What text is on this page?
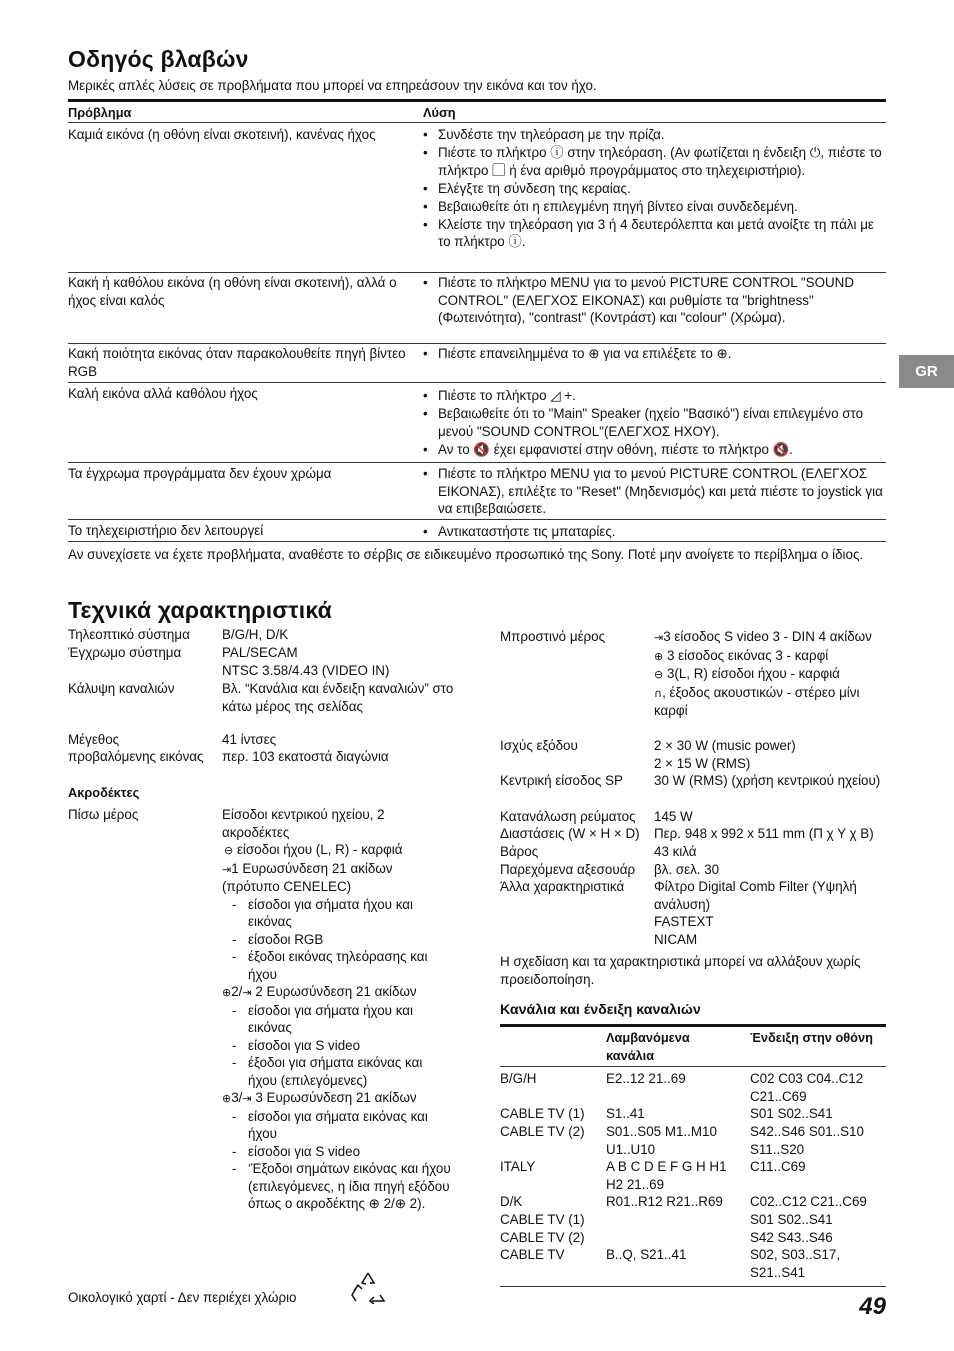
Οδηγός βλαβών
Μερικές απλές λύσεις σε προβλήματα που μπορεί να επηρεάσουν την εικόνα και τον ήχο.
Πρόβλημα	Λύση
Καμιά εικόνα (η οθόνη είναι σκοτεινή), κανένας ήχος	• Συνδέστε την τηλεόραση με την πρίζα.
• Πιέστε το πλήκτρο ⓘ στην τηλεόραση. (Αν φωτίζεται η ένδειξη ⏻, πιέστε το πλήκτρο ▢ ή ένα αριθμό προγράμματος στο τηλεχειριστήριο).
• Ελέγξτε τη σύνδεση της κεραίας.
• Βεβαιωθείτε ότι η επιλεγμένη πηγή βίντεο είναι συνδεδεμένη.
• Κλείστε την τηλεόραση για 3 ή 4 δευτερόλεπτα και μετά ανοίξτε τη πάλι με το πλήκτρο ⓘ.
Κακή ή καθόλου εικόνα (η οθόνη είναι σκοτεινή), αλλά ο ήχος είναι καλός
• Πιέστε το πλήκτρο MENU για το μενού PICTURE CONTROL "SOUND CONTROL" (ΕΛΕΓΧΟΣ ΕΙΚΟΝΑΣ) και ρυθμίστε τα "brightness" (Φωτεινότητα), "contrast" (Κοντράστ) και "colour" (Χρώμα).
Κακή ποιότητα εικόνας όταν παρακολουθείτε πηγή βίντεο RGB
• Πιέστε επανειλημμένα το ⊕ για να επιλέξετε το ⊕.
Καλή εικόνα αλλά καθόλου ήχος	• Πιέστε το πλήκτρο ◿ +.
• Βεβαιωθείτε ότι το "Main" Speaker (ηχείο "Βασικό") είναι επιλεγμένο στο μενού "SOUND CONTROL"(ΕΛΕΓΧΟΣ ΗΧΟΥ).
• Αν το 🔇 έχει εμφανιστεί στην οθόνη, πιέστε το πλήκτρο 🔇.
Τα έγχρωμα προγράμματα δεν έχουν χρώμα	• Πιέστε το πλήκτρο MENU για το μενού PICTURE CONTROL (ΕΛΕΓΧΟΣ ΕΙΚΟΝΑΣ), επιλέξτε το "Reset" (Μηδενισμός) και μετά πιέστε το joystick για να επιβεβαιώσετε.
Το τηλεχειριστήριο δεν λειτουργεί	• Αντικαταστήστε τις μπαταρίες.
Αν συνεχίσετε να έχετε προβλήματα, αναθέστε το σέρβις σε ειδικευμένο προσωπικό της Sony. Ποτέ μην ανοίγετε το περίβλημα ο ίδιος.
GR
Τεχνικά χαρακτηριστικά
Τηλεοπτικό σύστημα B/G/H, D/K
Έγχρωμο σύστημα	PAL/SECAM
NTSC 3.58/4.43 (VIDEO IN)
Κάλυψη καναλιών	Βλ. “Κανάλια και ένδειξη καναλιών” στο κάτω μέρος της σελίδας
Μέγεθος	41 ίντσες
προβαλόμενης εικόνας περ. 103 εκατοστά διαγώνια
Ακροδέκτες
Πίσω μέρος	Είσοδοι κεντρικού ηχείου, 2 ακροδέκτες
⊖ είσοδοι ήχου (L, R) - καρφιά
⇥1 Ευρωσύνδεση 21 ακίδων (πρότυπο CENELEC)
- είσοδοι για σήματα ήχου και εικόνας
- είσοδοι RGB
- έξοδοι εικόνας τηλεόρασης και ήχου
⊕2/⇥ 2 Ευρωσύνδεση 21 ακίδων
- είσοδοι για σήματα ήχου και εικόνας
- είσοδοι για S video
- έξοδοι για σήματα εικόνας και ήχου (επιλεγόμενες)
⊕3/⇥ 3 Ευρωσύνδεση 21 ακίδων
- είσοδοι για σήματα εικόνας και ήχου
- είσοδοι για S video
- ‘Έξοδοι σημάτων εικόνας και ήχου (επιλεγόμενες, η ίδια πηγή εξόδου όπως ο ακροδέκτης ⊕ 2/⊕ 2).
Οικολογικό χαρτί - Δεν περιέχει χλώριο
Μπροστινό μέρος	⇥3 είσοδος S video 3 - DIN 4 ακίδων
⊕ 3 είσοδος εικόνας 3 - καρφί
⊖ 3(L, R) είσοδοι ήχου - καρφιά
∩, έξοδος ακουστικών - στέρεο μίνι καρφί
Ισχύς εξόδου	2 × 30 W (music power)
2 × 15 W (RMS)
Κεντρική είσοδος SP 30 W (RMS) (χρήση κεντρικού ηχείου)
Κατανάλωση ρεύματος 145 W
Διαστάσεις (W × H × D) Περ. 948 x 992 x 511 mm (Π χ Υ χ Β)
Βάρος	43 κιλά
Παρεχόμενα αξεσουάρ βλ. σελ. 30
Άλλα χαρακτηριστικά Φίλτρο Digital Comb Filter (Υψηλή ανάλυση)
FASTEXT
NICAM
Η σχεδίαση και τα χαρακτηριστικά μπορεί να αλλάξουν χωρίς προειδοποίηση.
Κανάλια και ένδειξη καναλιών
Λαμβανόμενα κανάλια
Ένδειξη στην οθόνη
B/G/H	E2..12 21..69	C02 C03 C04..C12 C21..C69
CABLE TV (1) S1..41	S01 S02..S41
CABLE TV (2) S01..S05 M1..M10 U1..U10
S42..S46 S01..S10 S11..S20
ITALY	A B C D E F G H H1 H2 21..69
C11..C69
D/K	R01..R12 R21..R69 C02..C12 C21..C69
CABLE TV (1)	S01 S02..S41
CABLE TV (2)	S42 S43..S46
CABLE TV	B..Q, S21..41	S02, S03..S17, S21..S41
49
